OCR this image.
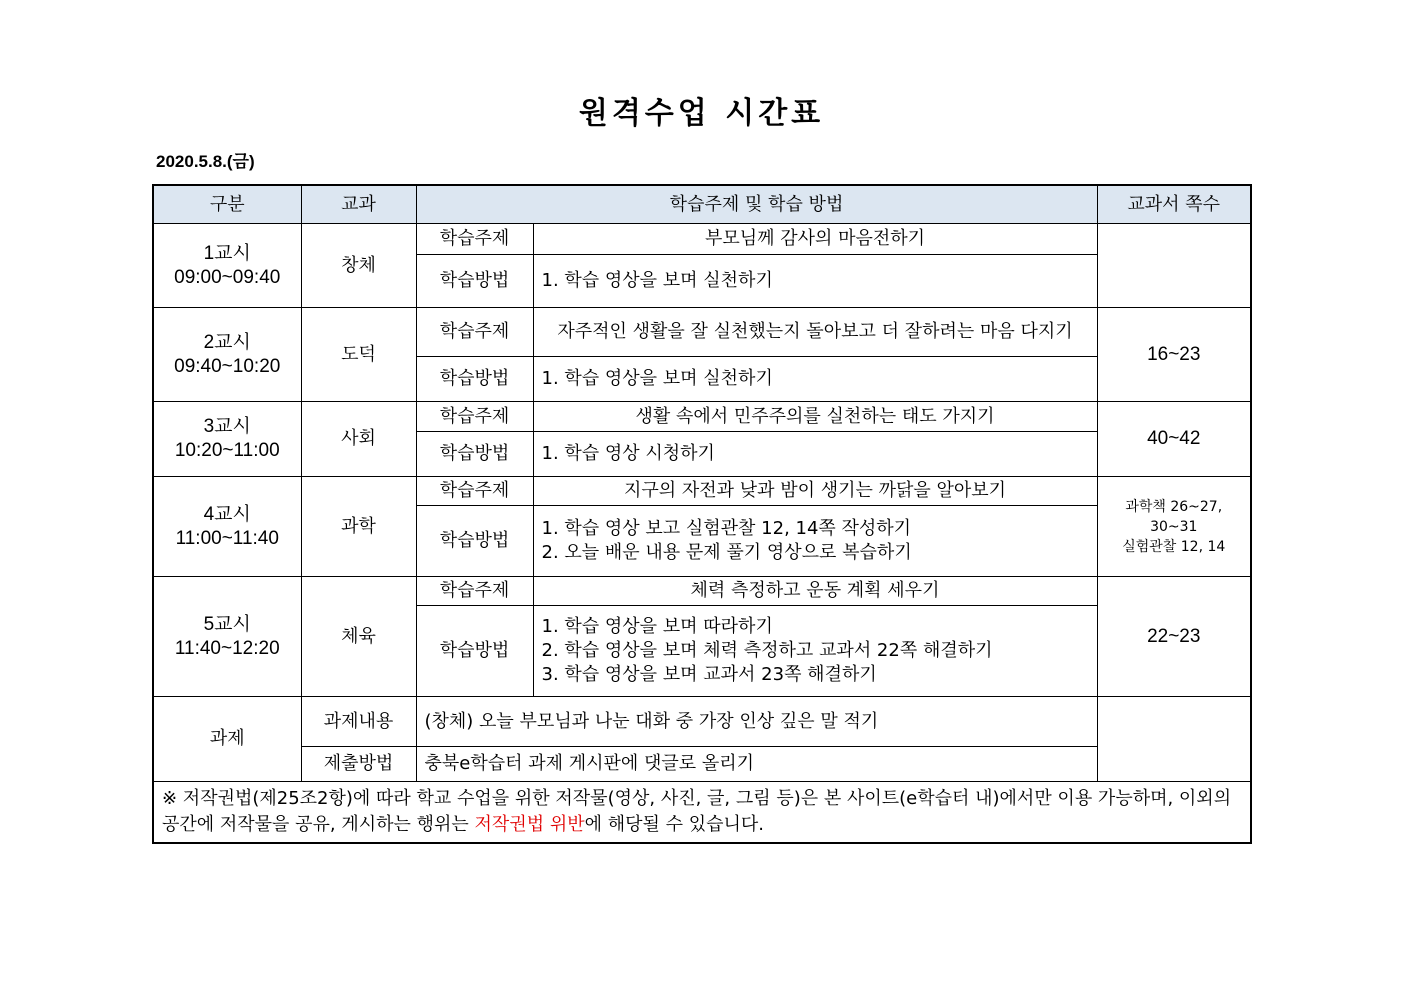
원격수업 시간표
2020.5.8.(금)
구분	교과	학습주제 및 학습 방법		교과서 쪽수

1교시
09:00~09:40	창체	학습주제	부모님께 감사의 마음전하기	
		학습방법	1. 학습 영상을 보며 실천하기	

2교시
09:40~10:20	도덕	학습주제	자주적인 생활을 잘 실천했는지 돌아보고 더 잘하려는 마음 다지기	16~23
		학습방법	1. 학습 영상을 보며 실천하기	

3교시
10:20~11:00	사회	학습주제	생활 속에서 민주주의를 실천하는 태도 가지기	40~42
		학습방법	1. 학습 영상 시청하기	

4교시
11:00~11:40	과학	학습주제	지구의 자전과 낮과 밤이 생기는 까닭을 알아보기	과학책 26~27,
30~31
실험관찰 12, 14

		학습방법	1. 학습 영상 보고 실험관찰 12, 14쪽 작성하기
2. 오늘 배운 내용 문제 풀기 영상으로 복습하기	

5교시
11:40~12:20	체육	학습주제	체력 측정하고 운동 계획 세우기	22~23
		학습방법	1. 학습 영상을 보며 따라하기
2. 학습 영상을 보며 체력 측정하고 교과서 22쪽 해결하기
3. 학습 영상을 보며 교과서 23쪽 해결하기	

과제	과제내용	(창체) 오늘 부모님과 나눈 대화 중 가장 인상 깊은 말 적기		
	제출방법	충북e학습터 과제 게시판에 댓글로 올리기		
※ 저작권법(제25조2항)에 따라 학교 수업을 위한 저작물(영상, 사진, 글, 그림 등)은 본 사이트(e학습터 내)에서만 이용 가능하며, 이외의 공간에 저작물을 공유, 게시하는 행위는 저작권법 위반에 해당될 수 있습니다.				
